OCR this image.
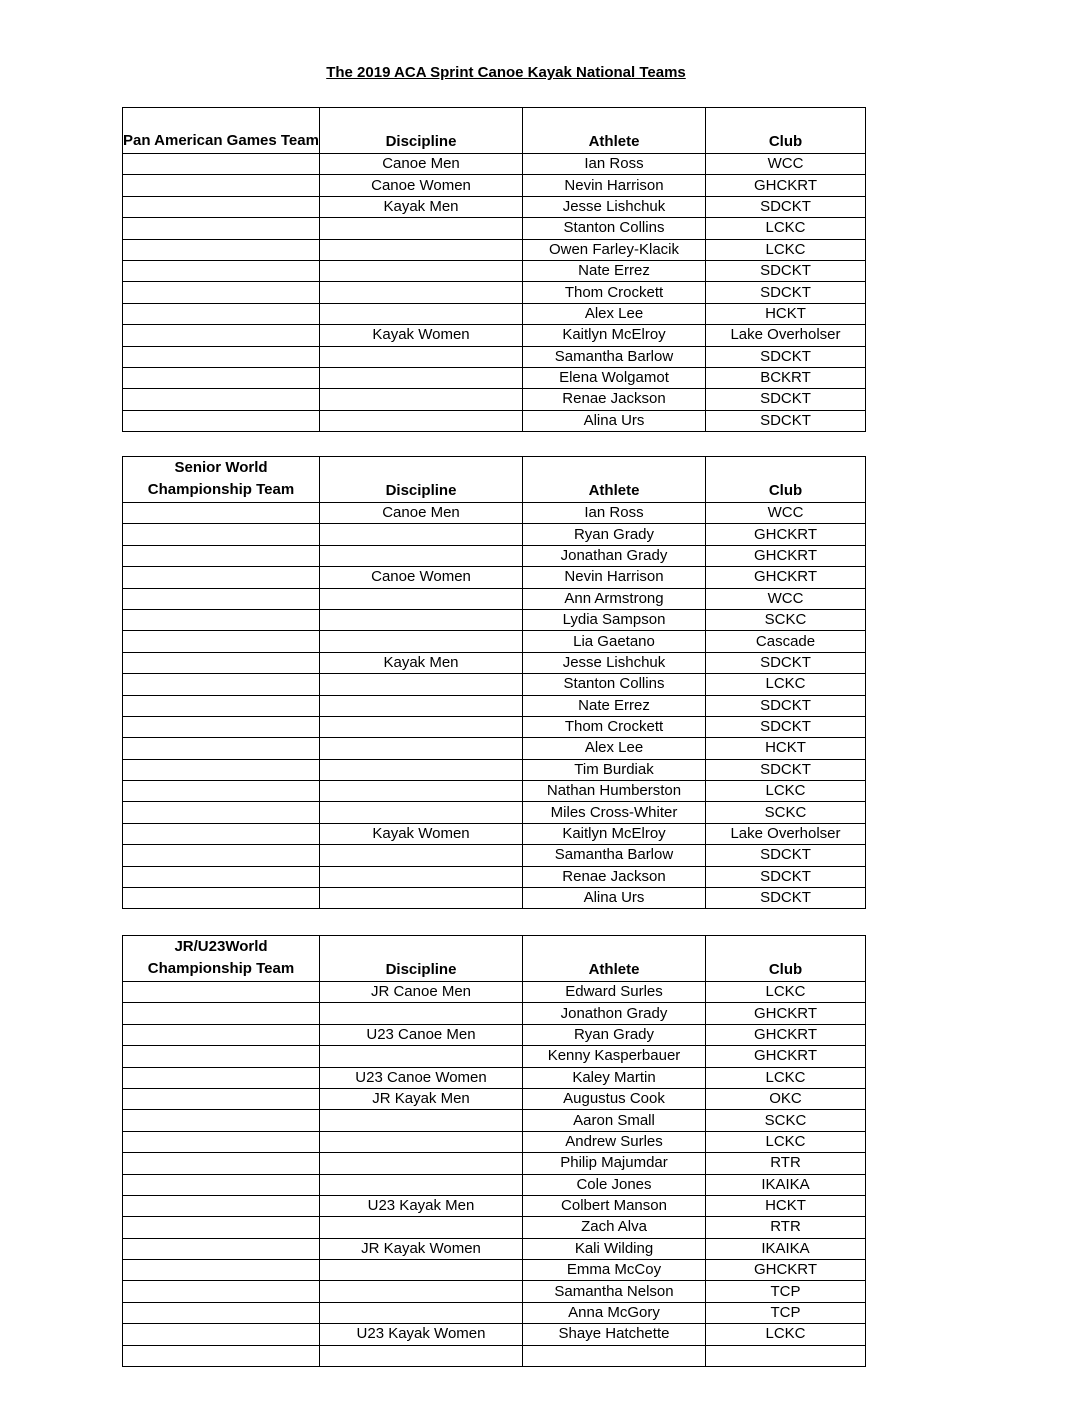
The 2019 ACA Sprint Canoe Kayak National Teams
Pan American Games Team	Discipline	Athlete	Club
	Canoe Men	Ian Ross	WCC
	Canoe Women	Nevin Harrison	GHCKRT
	Kayak Men	Jesse Lishchuk	SDCKT
		Stanton Collins	LCKC
		Owen Farley-Klacik	LCKC
		Nate Errez	SDCKT
		Thom Crockett	SDCKT
		Alex Lee	HCKT
	Kayak Women	Kaitlyn McElroy	Lake Overholser
		Samantha Barlow	SDCKT
		Elena Wolgamot	BCKRT
		Renae Jackson	SDCKT
		Alina Urs	SDCKT
Senior World Championship Team	Discipline	Athlete	Club
	Canoe Men	Ian Ross	WCC
		Ryan Grady	GHCKRT
		Jonathan Grady	GHCKRT
	Canoe Women	Nevin Harrison	GHCKRT
		Ann Armstrong	WCC
		Lydia Sampson	SCKC
		Lia Gaetano	Cascade
	Kayak Men	Jesse Lishchuk	SDCKT
		Stanton Collins	LCKC
		Nate Errez	SDCKT
		Thom Crockett	SDCKT
		Alex Lee	HCKT
		Tim Burdiak	SDCKT
		Nathan Humberston	LCKC
		Miles Cross-Whiter	SCKC
	Kayak Women	Kaitlyn McElroy	Lake Overholser
		Samantha Barlow	SDCKT
		Renae Jackson	SDCKT
		Alina Urs	SDCKT
JR/U23World Championship Team	Discipline	Athlete	Club
	JR Canoe Men	Edward Surles	LCKC
		Jonathon Grady	GHCKRT
	U23 Canoe Men	Ryan Grady	GHCKRT
		Kenny Kasperbauer	GHCKRT
	U23 Canoe Women	Kaley Martin	LCKC
	JR Kayak Men	Augustus Cook	OKC
		Aaron Small	SCKC
		Andrew Surles	LCKC
		Philip Majumdar	RTR
		Cole Jones	IKAIKA
	U23 Kayak Men	Colbert Manson	HCKT
		Zach Alva	RTR
	JR Kayak Women	Kali Wilding	IKAIKA
		Emma McCoy	GHCKRT
		Samantha Nelson	TCP
		Anna McGory	TCP
	U23 Kayak Women	Shaye Hatchette	LCKC
